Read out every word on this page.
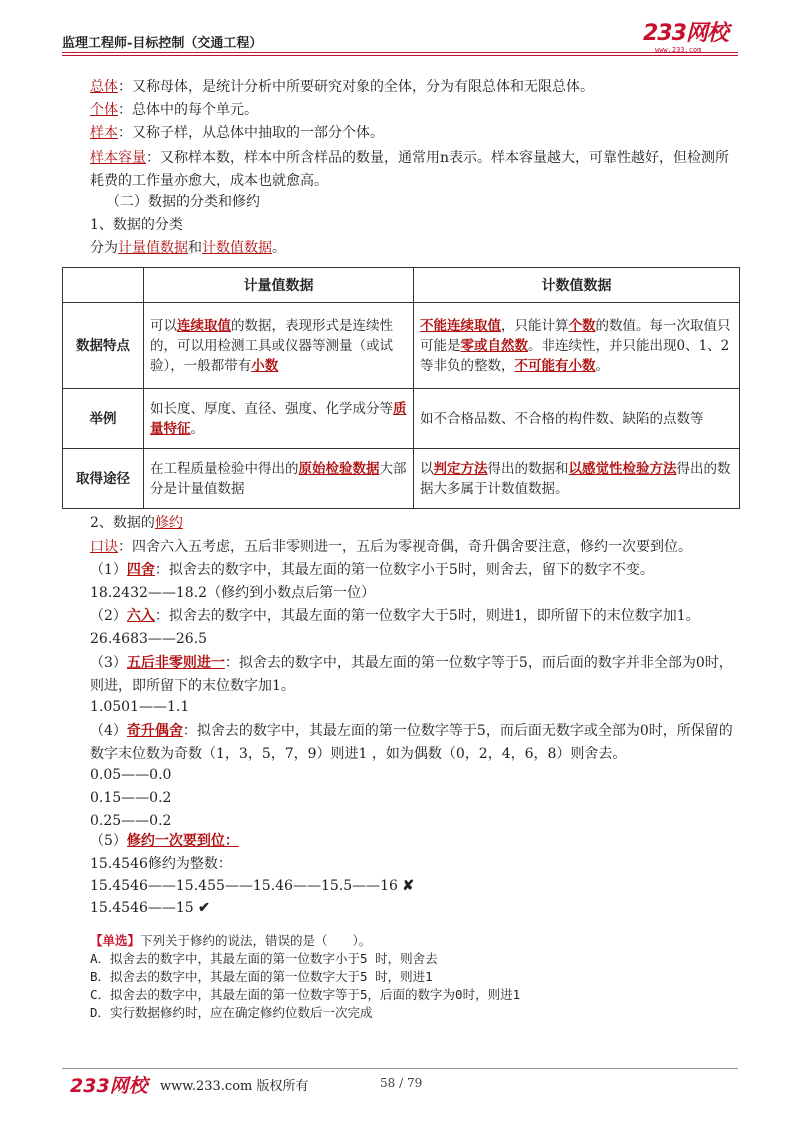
监理工程师-目标控制（交通工程）	233网校
www.233.com
总体：又称母体，是统计分析中所要研究对象的全体，分为有限总体和无限总体。
个体：总体中的每个单元。
样本：又称子样，从总体中抽取的一部分个体。
样本容量：又称样本数，样本中所含样品的数量，通常用n表示。样本容量越大，可靠性越好，但检测所耗费的工作量亦愈大，成本也就愈高。
（二）数据的分类和修约
1、数据的分类
分为计量值数据和计数值数据。
	计量值数据	计数值数据
数据特点	可以连续取值的数据，表现形式是连续性的，可以用检测工具或仪器等测量（或试验），一般都带有小数	不能连续取值，只能计算个数的数值。每一次取值只可能是零或自然数。非连续性，并只能出现0、1、2等非负的整数，不可能有小数。
举例	如长度、厚度、直径、强度、化学成分等质量特征。	如不合格品数、不合格的构件数、缺陷的点数等
取得途径	在工程质量检验中得出的原始检验数据大部分是计量值数据	以判定方法得出的数据和以感觉性检验方法得出的数据大多属于计数值数据。
2、数据的修约
口诀：四舍六入五考虑，五后非零则进一，五后为零视奇偶，奇升偶舍要注意，修约一次要到位。
（1）四舍：拟舍去的数字中，其最左面的第一位数字小于5时，则舍去，留下的数字不变。
18.2432——18.2（修约到小数点后第一位）
（2）六入：拟舍去的数字中，其最左面的第一位数字大于5时，则进1，即所留下的末位数字加1。
26.4683——26.5
（3）五后非零则进一：拟舍去的数字中，其最左面的第一位数字等于5，而后面的数字并非全部为0时，则进，即所留下的末位数字加1。
1.0501——1.1
（4）奇升偶舍：拟舍去的数字中，其最左面的第一位数字等于5，而后面无数字或全部为0时，所保留的数字末位数为奇数（1，3，5，7，9）则进1 ，如为偶数（0，2，4，6，8）则舍去。
0.05——0.0
0.15——0.2
0.25——0.2
（5）修约一次要到位：
15.4546修约为整数：
15.4546——15.455——15.46——15.5——16 ✘
15.4546——15 ✔
【单选】下列关于修约的说法，错误的是（　　）。
A．拟舍去的数字中，其最左面的第一位数字小于5 时，则舍去
B．拟舍去的数字中，其最左面的第一位数字大于5 时，则进1
C．拟舍去的数字中，其最左面的第一位数字等于5，后面的数字为0时，则进1
D．实行数据修约时，应在确定修约位数后一次完成
233网校 www.233.com 版权所有	58 / 79
